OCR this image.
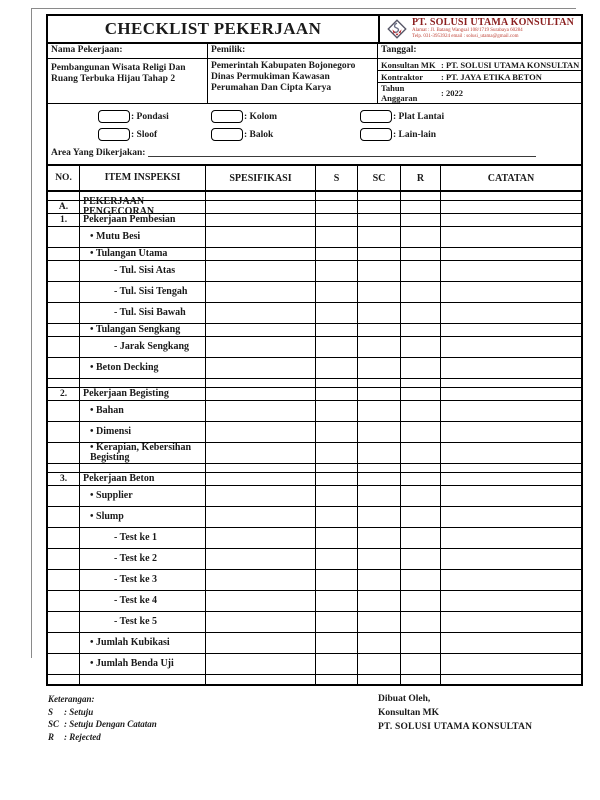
CHECKLIST PEKERJAAN	PT. SOLUSI UTAMA KONSULTAN
Alamat : Jl. Batang Wangsal 108/1719 Surabaya 60284
Telp. 031-3953924 email : solusi_utama@gmail.com
Nama Pekerjaan:	Pemilik:	Tanggal:
Pembangunan Wisata Religi Dan Ruang Terbuka Hijau Tahap 2
Pemerintah Kabupaten Bojonegoro Dinas Permukiman Kawasan Perumahan Dan Cipta Karya
Konsultan MK : PT. SOLUSI UTAMA KONSULTAN
Kontraktor	: PT. JAYA ETIKA BETON
Tahun Anggaran	: 2022
: Pondasi	: Kolom	: Plat Lantai
: Sloof	: Balok	: Lain-lain
Area Yang Dikerjakan:
NO.	ITEM INSPEKSI	SPESIFIKASI	S	SC	R	CATATAN
A.	PEKERJAAN PENGECORAN
1.	Pekerjaan Pembesian
• Mutu Besi
• Tulangan Utama
- Tul. Sisi Atas
- Tul. Sisi Tengah
- Tul. Sisi Bawah
• Tulangan Sengkang
- Jarak Sengkang
• Beton Decking
2.	Pekerjaan Begisting
• Bahan
• Dimensi
• Kerapian, Kebersihan Begisting
3.	Pekerjaan Beton
• Supplier
• Slump
- Test ke 1
- Test ke 2
- Test ke 3
- Test ke 4
- Test ke 5
• Jumlah Kubikasi
• Jumlah Benda Uji
Keterangan:
S	: Setuju
SC : Setuju Dengan Catatan
R	: Rejected
Dibuat Oleh,
Konsultan MK
PT. SOLUSI UTAMA KONSULTAN
